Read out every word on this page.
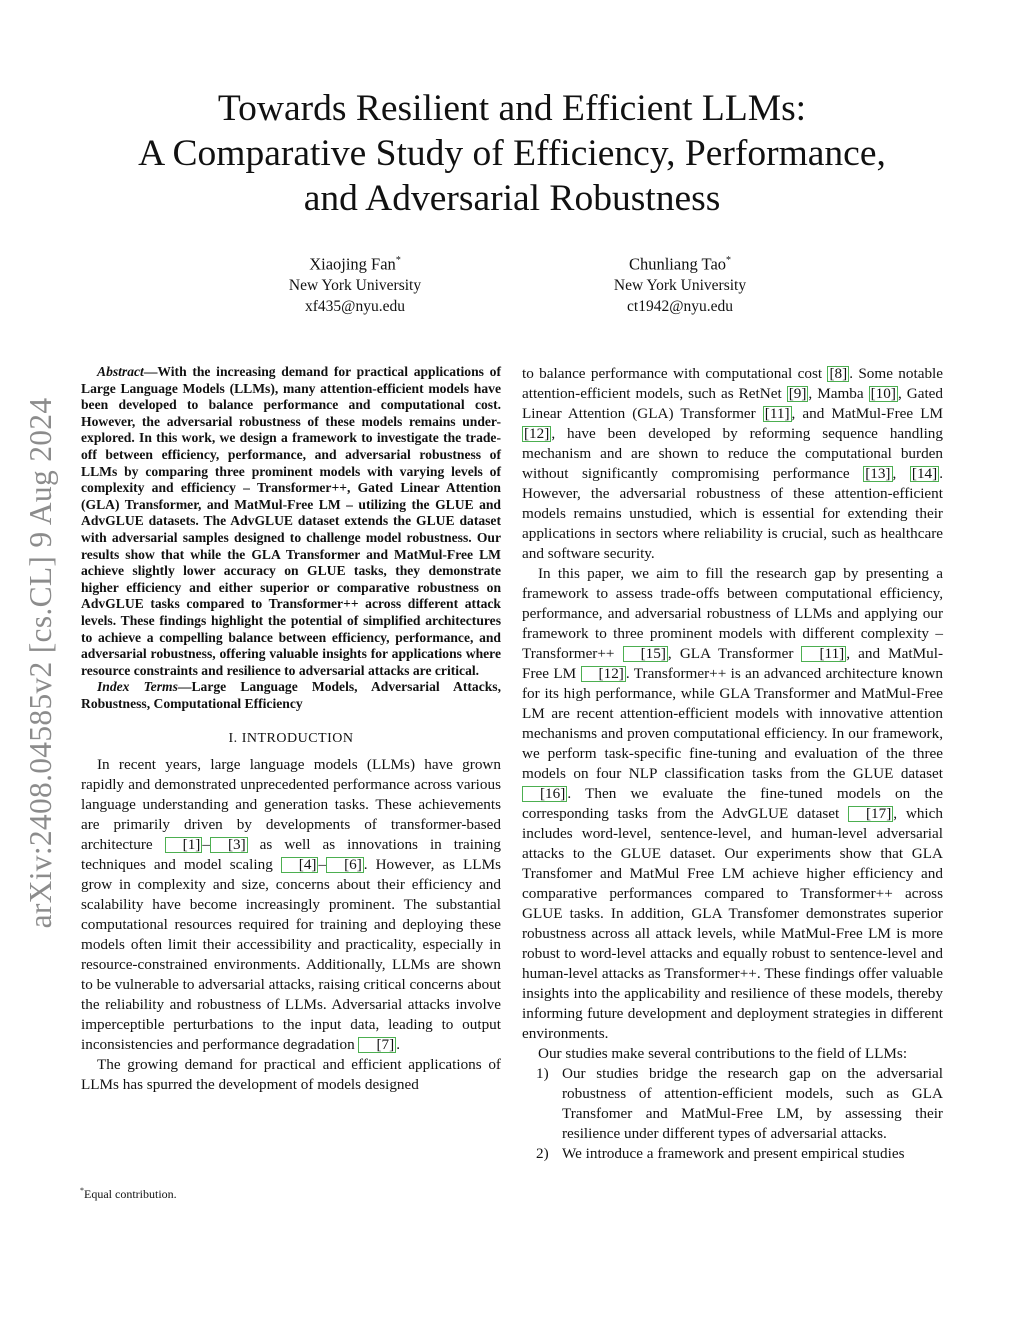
arXiv:2408.04585v2 [cs.CL] 9 Aug 2024
Towards Resilient and Efficient LLMs:
A Comparative Study of Efficiency, Performance,
and Adversarial Robustness
Xiaojing Fan*
New York University
xf435@nyu.edu
Chunliang Tao*
New York University
ct1942@nyu.edu

Abstract—With the increasing demand for practical applications of Large Language Models (LLMs), many attention-efficient models have been developed to balance performance and computational cost. However, the adversarial robustness of these models remains under-explored. In this work, we design a framework to investigate the trade-off between efficiency, performance, and adversarial robustness of LLMs by comparing three prominent models with varying levels of complexity and efficiency – Transformer++, Gated Linear Attention (GLA) Transformer, and MatMul-Free LM – utilizing the GLUE and AdvGLUE datasets. The AdvGLUE dataset extends the GLUE dataset with adversarial samples designed to challenge model robustness. Our results show that while the GLA Transformer and MatMul-Free LM achieve slightly lower accuracy on GLUE tasks, they demonstrate higher efficiency and either superior or comparative robustness on AdvGLUE tasks compared to Transformer++ across different attack levels. These findings highlight the potential of simplified architectures to achieve a compelling balance between efficiency, performance, and adversarial robustness, offering valuable insights for applications where resource constraints and resilience to adversarial attacks are critical.

Index Terms—Large Language Models, Adversarial Attacks, Robustness, Computational Efficiency

I. INTRODUCTION

In recent years, large language models (LLMs) have grown rapidly and demonstrated unprecedented performance across various language understanding and generation tasks. These achievements are primarily driven by developments of transformer-based architecture [1] – [3] as well as innovations in training techniques and model scaling [4] – [6] . However, as LLMs grow in complexity and size, concerns about their efficiency and scalability have become increasingly prominent. The substantial computational resources required for training and deploying these models often limit their accessibility and practicality, especially in resource-constrained environments. Additionally, LLMs are shown to be vulnerable to adversarial attacks, raising critical concerns about the reliability and robustness of LLMs. Adversarial attacks involve imperceptible perturbations to the input data, leading to output inconsistencies and performance degradation [7] .

The growing demand for practical and efficient applications of LLMs has spurred the development of models designed

to balance performance with computational cost [8] . Some notable attention-efficient models, such as RetNet [9] , Mamba [10] , Gated Linear Attention (GLA) Transformer [11] , and MatMul-Free LM [12] , have been developed by reforming sequence handling mechanism and are shown to reduce the computational burden without significantly compromising performance [13] , [14] . However, the adversarial robustness of these attention-efficient models remains unstudied, which is essential for extending their applications in sectors where reliability is crucial, such as healthcare and software security.

In this paper, we aim to fill the research gap by presenting a framework to assess trade-offs between computational efficiency, performance, and adversarial robustness of LLMs and applying our framework to three prominent models with different complexity – Transformer++ [15] , GLA Transformer [11] , and MatMul-Free LM [12] . Transformer++ is an advanced architecture known for its high performance, while GLA Transformer and MatMul-Free LM are recent attention-efficient models with innovative attention mechanisms and proven computational efficiency. In our framework, we perform task-specific fine-tuning and evaluation of the three models on four NLP classification tasks from the GLUE dataset [16] . Then we evaluate the fine-tuned models on the corresponding tasks from the AdvGLUE dataset [17] , which includes word-level, sentence-level, and human-level adversarial attacks to the GLUE dataset. Our experiments show that GLA Transfomer and MatMul Free LM achieve higher efficiency and comparative performances compared to Transformer++ across GLUE tasks. In addition, GLA Transfomer demonstrates superior robustness across all attack levels, while MatMul-Free LM is more robust to word-level attacks and equally robust to sentence-level and human-level attacks as Transformer++. These findings offer valuable insights into the applicability and resilience of these models, thereby informing future development and deployment strategies in different environments.

Our studies make several contributions to the field of LLMs:

1) Our studies bridge the research gap on the adversarial robustness of attention-efficient models, such as GLA Transfomer and MatMul-Free LM, by assessing their resilience under different types of adversarial attacks.
2) We introduce a framework and present empirical studies
*Equal contribution.
